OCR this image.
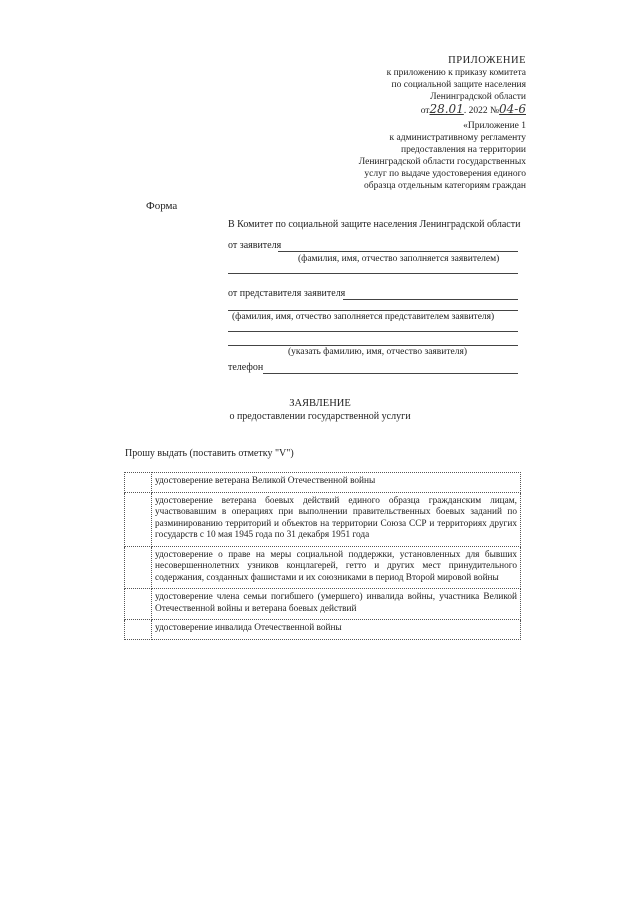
ПРИЛОЖЕНИЕ
к приложению к приказу комитета
по социальной защите населения
Ленинградской области
от28.01. 2022 №04-6
«Приложение 1
к административному регламенту
предоставления на территории
Ленинградской области государственных
услуг по выдаче удостоверения единого
образца отдельным категориям граждан
Форма
В Комитет по социальной защите населения Ленинградской области
от заявителя
(фамилия, имя, отчество заполняется заявителем)
от представителя заявителя
(фамилия, имя, отчество заполняется представителем заявителя)
(указать фамилию, имя, отчество заявителя)
телефон
ЗАЯВЛЕНИЕ
о предоставлении государственной услуги
Прошу выдать (поставить отметку "V")
	удостоверение ветерана Великой Отечественной войны
	удостоверение ветерана боевых действий единого образца гражданским лицам, участвовавшим в операциях при выполнении правительственных боевых заданий по разминированию территорий и объектов на территории Союза ССР и территориях других государств с 10 мая 1945 года по 31 декабря 1951 года
	удостоверение о праве на меры социальной поддержки, установленных для бывших несовершеннолетних узников концлагерей, гетто и других мест принудительного содержания, созданных фашистами и их союзниками в период Второй мировой войны
	удостоверение члена семьи погибшего (умершего) инвалида войны, участника Великой Отечественной войны и ветерана боевых действий
	удостоверение инвалида Отечественной войны
